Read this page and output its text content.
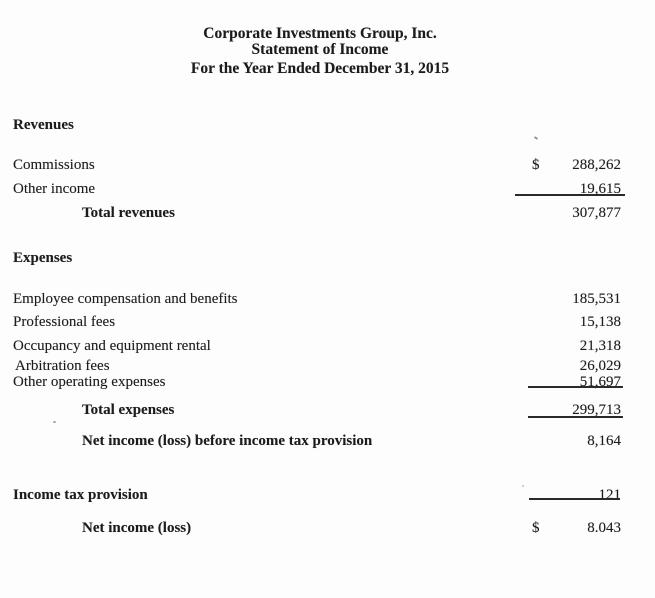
Corporate Investments Group, Inc.
Statement of Income
For the Year Ended December 31, 2015
Revenues
Commissions	$ 288,262
Other income	19,615
Total revenues	307,877
Expenses
Employee compensation and benefits	185,531
Professional fees	15,138
Occupancy and equipment rental	21,318
Arbitration fees	26,029
Other operating expenses	51,697
Total expenses	299,713
Net income (loss) before income tax provision	8,164
Income tax provision	121
Net income (loss)	$	8.043
